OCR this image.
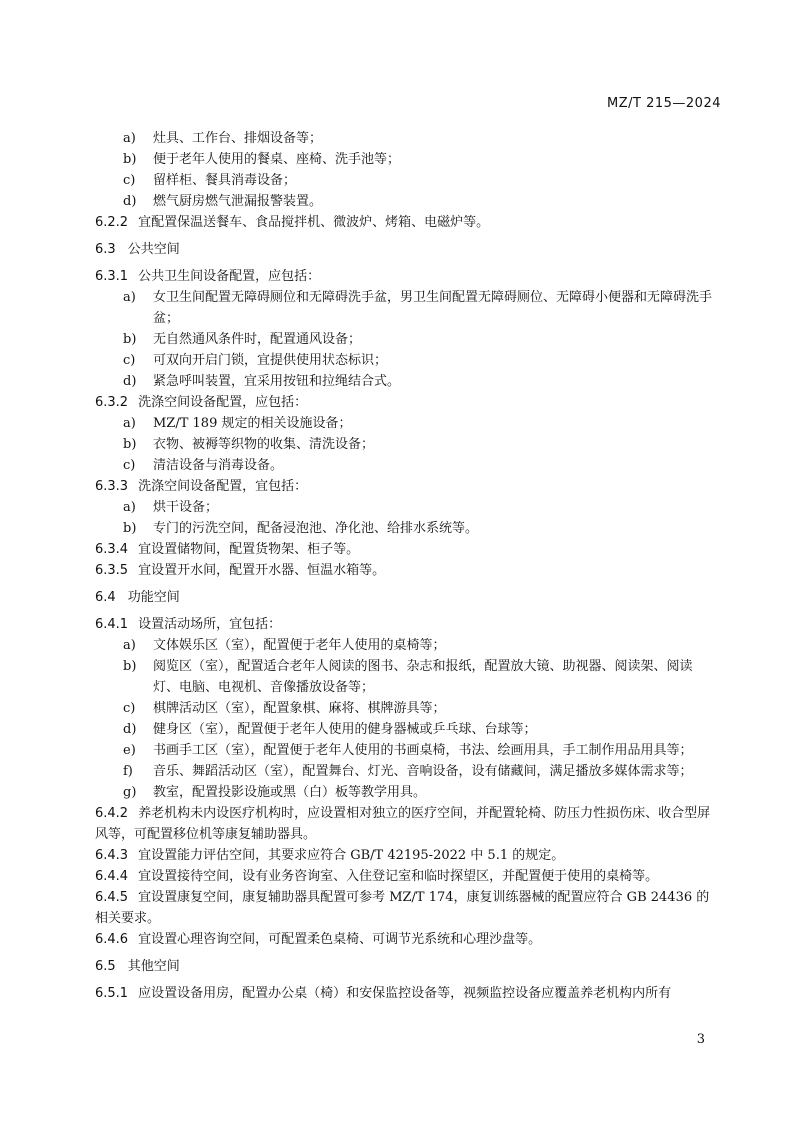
MZ/T 215—2024
a) 灶具、工作台、排烟设备等；
b) 便于老年人使用的餐桌、座椅、洗手池等；
c) 留样柜、餐具消毒设备；
d) 燃气厨房燃气泄漏报警装置。
6.2.2 宜配置保温送餐车、食品搅拌机、微波炉、烤箱、电磁炉等。
6.3 公共空间
6.3.1 公共卫生间设备配置，应包括：
a) 女卫生间配置无障碍厕位和无障碍洗手盆，男卫生间配置无障碍厕位、无障碍小便器和无障碍洗手盆；
b) 无自然通风条件时，配置通风设备；
c) 可双向开启门锁，宜提供使用状态标识；
d) 紧急呼叫装置，宜采用按钮和拉绳结合式。
6.3.2 洗涤空间设备配置，应包括：
a) MZ/T 189 规定的相关设施设备；
b) 衣物、被褥等织物的收集、清洗设备；
c) 清洁设备与消毒设备。
6.3.3 洗涤空间设备配置，宜包括：
a) 烘干设备；
b) 专门的污洗空间，配备浸泡池、净化池、给排水系统等。
6.3.4 宜设置储物间，配置货物架、柜子等。
6.3.5 宜设置开水间，配置开水器、恒温水箱等。
6.4 功能空间
6.4.1 设置活动场所，宜包括：
a) 文体娱乐区（室），配置便于老年人使用的桌椅等；
b) 阅览区（室），配置适合老年人阅读的图书、杂志和报纸，配置放大镜、助视器、阅读架、阅读灯、电脑、电视机、音像播放设备等；
c) 棋牌活动区（室），配置象棋、麻将、棋牌游具等；
d) 健身区（室），配置便于老年人使用的健身器械或乒乓球、台球等；
e) 书画手工区（室），配置便于老年人使用的书画桌椅，书法、绘画用具，手工制作用品用具等；
f) 音乐、舞蹈活动区（室），配置舞台、灯光、音响设备，设有储藏间，满足播放多媒体需求等；
g) 教室，配置投影设施或黑（白）板等教学用具。
6.4.2 养老机构未内设医疗机构时，应设置相对独立的医疗空间，并配置轮椅、防压力性损伤床、收合型屏风等，可配置移位机等康复辅助器具。
6.4.3 宜设置能力评估空间，其要求应符合 GB/T 42195-2022 中 5.1 的规定。
6.4.4 宜设置接待空间，设有业务咨询室、入住登记室和临时探望区，并配置便于使用的桌椅等。
6.4.5 宜设置康复空间，康复辅助器具配置可参考 MZ/T 174，康复训练器械的配置应符合 GB 24436 的相关要求。
6.4.6 宜设置心理咨询空间，可配置柔色桌椅、可调节光系统和心理沙盘等。
6.5 其他空间
6.5.1 应设置设备用房，配置办公桌（椅）和安保监控设备等，视频监控设备应覆盖养老机构内所有
3
